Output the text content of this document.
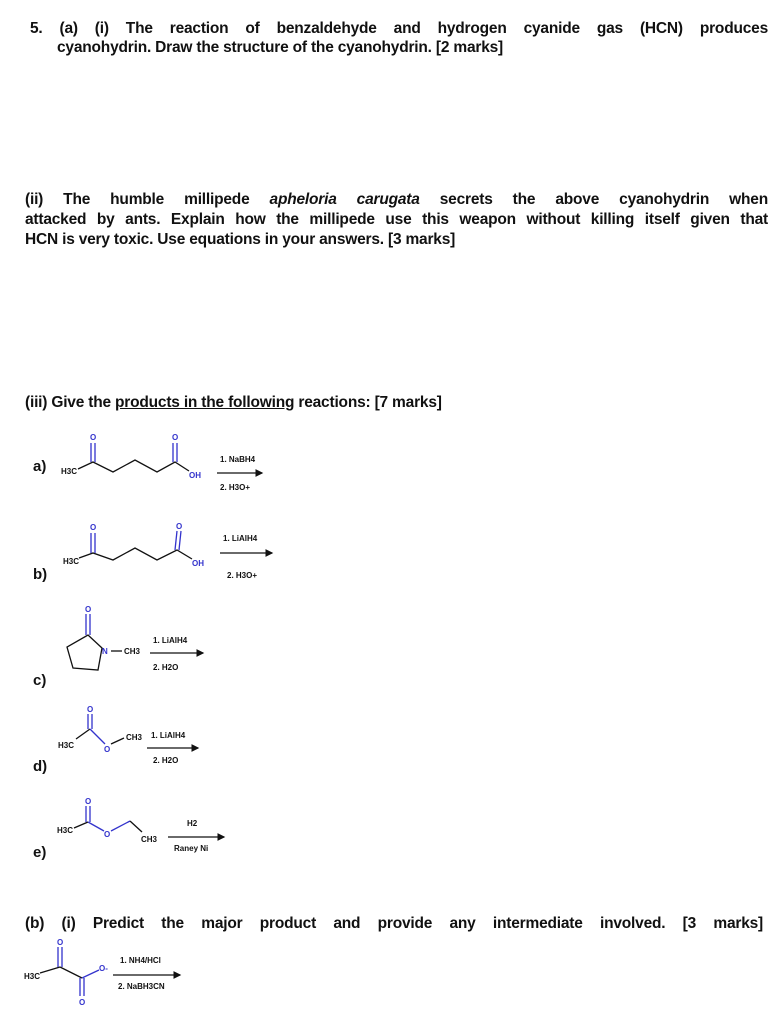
5. (a) (i) The reaction of benzaldehyde and hydrogen cyanide gas (HCN) produces
cyanohydrin. Draw the structure of the cyanohydrin. [2 marks]
(ii) The humble millipede apheloria carugata secrets the above cyanohydrin when
attacked by ants. Explain how the millipede use this weapon without killing itself given that
HCN is very toxic. Use equations in your answers. [3 marks]
(iii) Give the products in the following reactions: [7 marks]
a)
b)
c)
d)
e)
(b) (i) Predict the major product and provide any intermediate involved. [3 marks]
O	O
H3C	OH
1. NaBH4
2. H3O+
O	O
H3C	OH
1. LiAlH4
2. H3O+
O
N CH3
1. LiAlH4
2. H2O
O
O
H3C
CH3 1. LiAlH4
2. H2O
O
O
H3C
CH3
H2
Raney Ni
O
O
O-
H3C
1. NH4/HCl
2. NaBH3CN
